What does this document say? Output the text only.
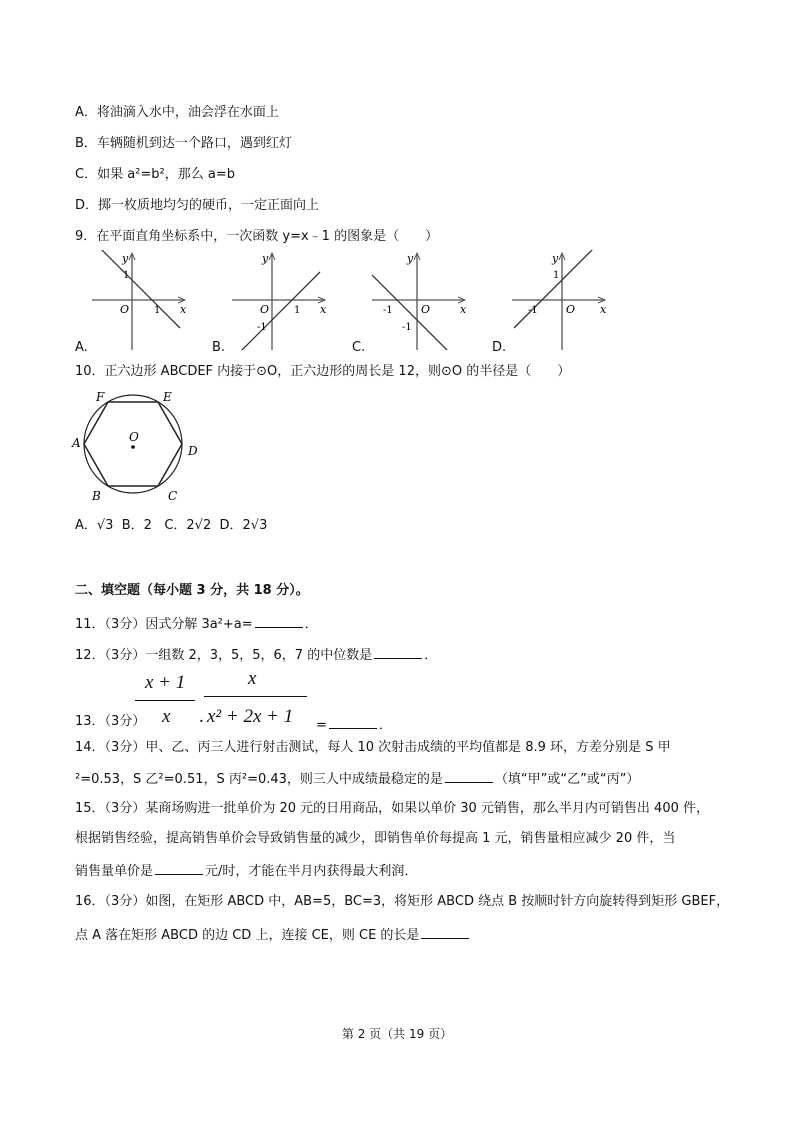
A．将油滴入水中，油会浮在水面上
B．车辆随机到达一个路口，遇到红灯
C．如果 a²=b²，那么 a=b
D．掷一枚质地均匀的硬币，一定正面向上
9．在平面直角坐标系中，一次函数 y=x﹣1 的图象是（　　）
y
x
O 1
1
y
x
O 1
-1
y
x
O
-1
-1
y
x
O
-1
1
A.	B.	C.	D.
10．正六边形 ABCDEF 内接于⊙O，正六边形的周长是 12，则⊙O 的半径是（　　）
A
B	C
D
E
F
O
A．√3 B．2 C．2√2 D．2√3
二、填空题（每小题 3 分，共 18 分）。
11．（3分）因式分解 3a²+a=	．
12．（3分）一组数 2，3，5，5，6，7 的中位数是	．
13．（3分）
x + 1
x .
x
x² + 2x + 1 =	．
14．（3分）甲、乙、丙三人进行射击测试，每人 10 次射击成绩的平均值都是 8.9 环，方差分别是 S 甲
²=0.53，S 乙²=0.51，S 丙²=0.43，则三人中成绩最稳定的是	（填“甲”或“乙”或“丙”）
15．（3分）某商场购进一批单价为 20 元的日用商品，如果以单价 30 元销售，那么半月内可销售出 400 件，
根据销售经验，提高销售单价会导致销售量的减少，即销售单价每提高 1 元，销售量相应减少 20 件，当
销售量单价是	元/时，才能在半月内获得最大利润．
16．（3分）如图，在矩形 ABCD 中，AB=5，BC=3，将矩形 ABCD 绕点 B 按顺时针方向旋转得到矩形 GBEF，
点 A 落在矩形 ABCD 的边 CD 上，连接 CE，则 CE 的长是
第 2 页（共 19 页）
